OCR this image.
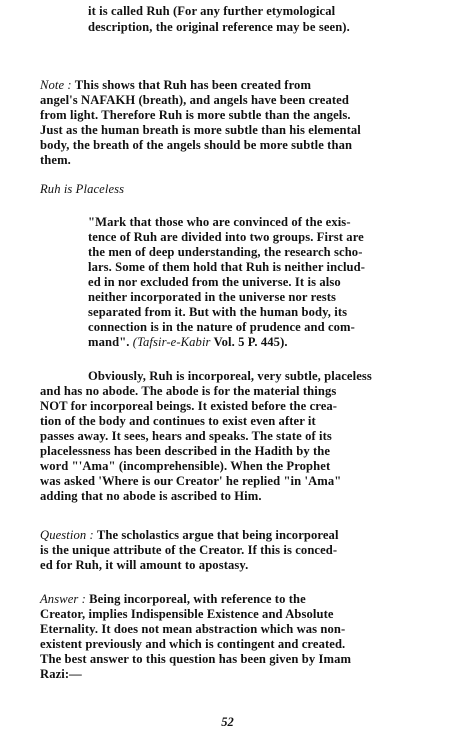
it is called Ruh (For any further etymological
description, the original reference may be seen).
Note : This shows that Ruh has been created from
angel's NAFAKH (breath), and angels have been created
from light. Therefore Ruh is more subtle than the angels.
Just as the human breath is more subtle than his elemental
body, the breath of the angels should be more subtle than
them.
Ruh is Placeless
"Mark that those who are convinced of the exis-
tence of Ruh are divided into two groups. First are
the men of deep understanding, the research scho-
lars. Some of them hold that Ruh is neither includ-
ed in nor excluded from the universe. It is also
neither incorporated in the universe nor rests
separated from it. But with the human body, its
connection is in the nature of prudence and com-
mand". (Tafsir-e-Kabir Vol. 5 P. 445).
Obviously, Ruh is incorporeal, very subtle, placeless
and has no abode. The abode is for the material things
NOT for incorporeal beings. It existed before the crea-
tion of the body and continues to exist even after it
passes away. It sees, hears and speaks. The state of its
placelessness has been described in the Hadith by the
word "'Ama" (incomprehensible). When the Prophet
was asked 'Where is our Creator' he replied "in 'Ama"
adding that no abode is ascribed to Him.
Question : The scholastics argue that being incorporeal
is the unique attribute of the Creator. If this is conced-
ed for Ruh, it will amount to apostasy.
Answer : Being incorporeal, with reference to the
Creator, implies Indispensible Existence and Absolute
Eternality. It does not mean abstraction which was non-
existent previously and which is contingent and created.
The best answer to this question has been given by Imam
Razi:—
52
